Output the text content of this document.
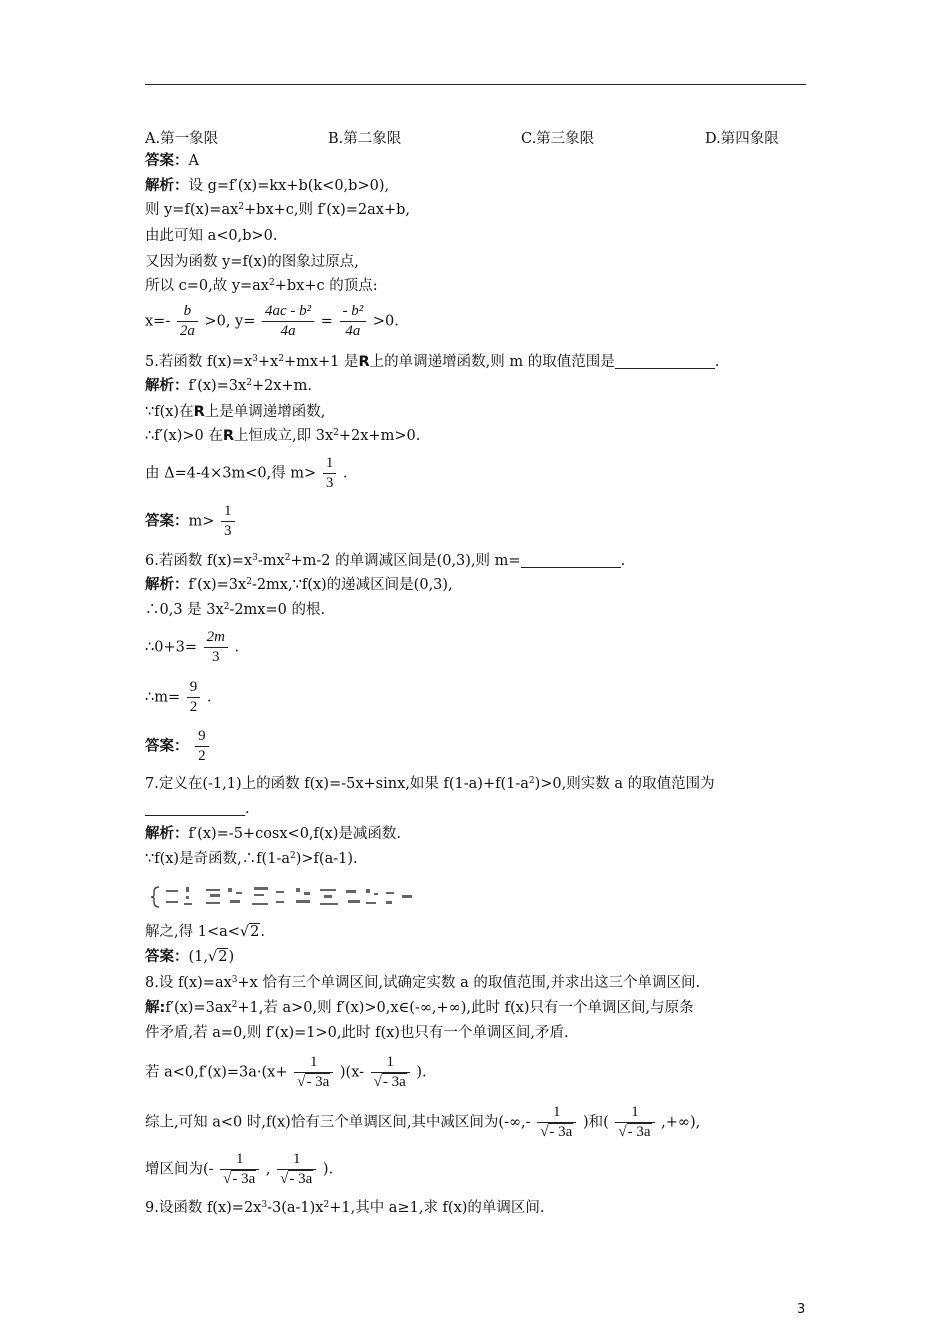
A.第一象限	B.第二象限	C.第三象限	D.第四象限
答案：A
解析：设 g=f′(x)=kx+b(k<0,b>0),
则 $y=f(x)=ax^2+bx+c$,则 f′(x)=2ax+b,
由此可知 a<0,b>0.
又因为函数 y=f(x)的图象过原点,
所以 c=0,故 $y=ax^2+bx+c$ 的顶点:
$x=- \frac{b}{2a} >0$, $y= \frac{\text{4ac - b²}}{4a} = \frac{\text{- b²}}{4a} >0$.
5.若函数 $f(x)=x^3+x^2+mx+1$ 是R上的单调递增函数,则 m 的取值范围是	.
解析：$f'(x)=3x^2+2x+m$.
∵f(x)在R上是单调递增函数,
∴f′(x)>0 在R上恒成立,即 $3x^2+2x+m>0$.
由 Δ=4-4×3m<0,得 $m> \frac{1}{3}$ .
答案：$m> \frac{1}{3}$
6.若函数 $f(x)=x^3-mx^2+m-2$ 的单调减区间是(0,3),则 m=	.
解析：$f'(x)=3x^2-2mx,\because f(x)$的递减区间是(0,3),
∴0,3 是 $3x^2-2mx=0$ 的根.
∴0+3= $\frac{2m}{3}$ .
∴m= $\frac{9}{2}$ .
答案： $\frac{9}{2}$
7.定义在(-1,1)上的函数 f(x)=-5x+sinx,如果 $f(1-a)+f(1-a^2)>0$,则实数 a 的取值范围为
.
解析：f′(x)=-5+cosx<0,f(x)是减函数.
∵f(x)是奇函数$,\therefore f(1-a^2)>f(a-1)$.
解之,得 1<a<√2.
答案：(1,√2)
8.设 $f(x)=ax^3+x$ 恰有三个单调区间,试确定实数 a 的取值范围,并求出这三个单调区间.
解$:f'(x)=3ax^2+1$,若 a>0,则 f′(x)>0,x∈(-∞,+∞),此时 f(x)只有一个单调区间,与原条
件矛盾,若 a=0,则 f′(x)=1>0,此时 f(x)也只有一个单调区间,矛盾.
若 $a<0,f'(x)=3a\cdot(x+ \frac{1}{√- 3a} )(x- \frac{1}{√- 3a}$ ).
综上,可知 a<0 时,f(x)恰有三个单调区间,其中减区间为(-∞,- $\frac{1}{√- 3a}$ )和( $\frac{1}{√- 3a}$ ,+∞),
增区间为(- $\frac{1}{√- 3a}$ , $\frac{1}{√- 3a}$ ).
9.设函数 $f(x)=2x^3-3(a-1)x^2+1$,其中 a≥1,求 f(x)的单调区间.
3
